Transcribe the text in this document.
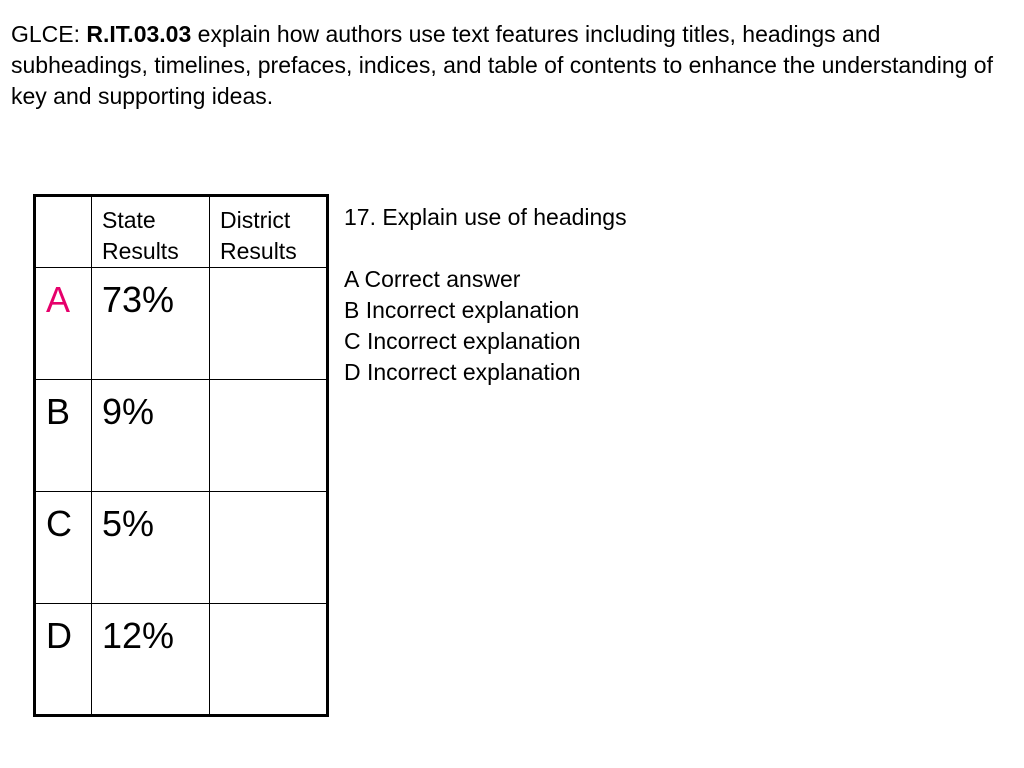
GLCE: R.IT.03.03 explain how authors use text features including titles, headings and subheadings, timelines, prefaces, indices, and table of contents to enhance the understanding of key and supporting ideas.
	State Results	District Results
A	73%	
B	9%	
C	5%	
D	12%	
17. Explain use of headings
A Correct answer
B Incorrect explanation
C Incorrect explanation
D Incorrect explanation
